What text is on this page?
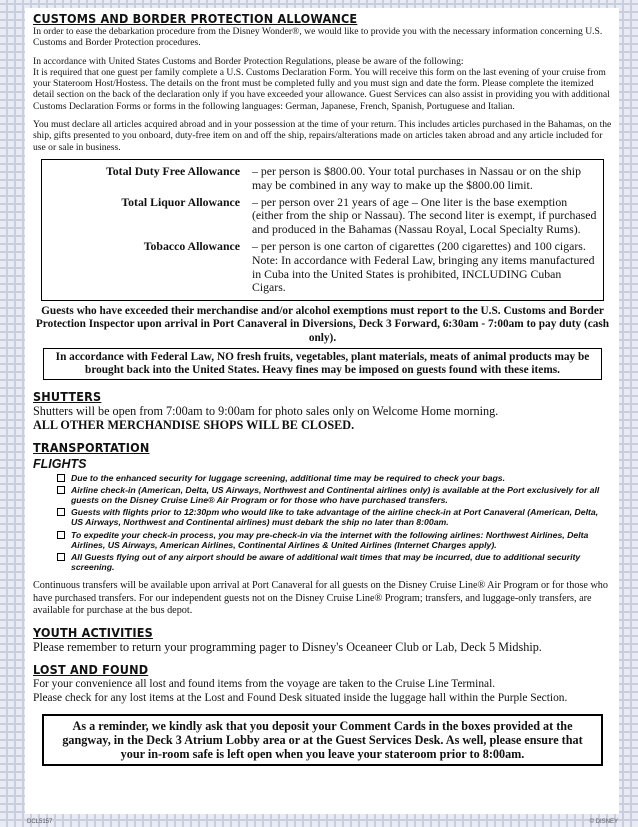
CUSTOMS AND BORDER PROTECTION ALLOWANCE

In order to ease the debarkation procedure from the Disney Wonder®, we would like to provide you with the necessary information concerning U.S. Customs and Border Protection procedures.

In accordance with United States Customs and Border Protection Regulations, please be aware of the following:

It is required that one guest per family complete a U.S. Customs Declaration Form. You will receive this form on the last evening of your cruise from your Stateroom Host/Hostess. The details on the front must be completed fully and you must sign and date the form. Please complete the itemized detail section on the back of the declaration only if you have exceeded your allowance. Guest Services can also assist in providing you with additional Customs Declaration Forms or forms in the following languages: German, Japanese, French, Spanish, Portuguese and Italian.

You must declare all articles acquired abroad and in your possession at the time of your return. This includes articles purchased in the Bahamas, on the ship, gifts presented to you onboard, duty-free item on and off the ship, repairs/alterations made on articles taken abroad and any article included for use or sale in business.

Total Duty Free Allowance	– per person is $800.00. Your total purchases in Nassau or on the ship may be combined in any way to make up the $800.00 limit.
Total Liquor Allowance	– per person over 21 years of age – One liter is the base exemption (either from the ship or Nassau). The second liter is exempt, if purchased and produced in the Bahamas (Nassau Royal, Local Specialty Rums).
Tobacco Allowance	– per person is one carton of cigarettes (200 cigarettes) and 100 cigars. Note: In accordance with Federal Law, bringing any items manufactured in Cuba into the United States is prohibited, INCLUDING Cuban Cigars.

Guests who have exceeded their merchandise and/or alcohol exemptions must report to the U.S. Customs and Border Protection Inspector upon arrival in Port Canaveral in Diversions, Deck 3 Forward, 6:30am - 7:00am to pay duty (cash only).

In accordance with Federal Law, NO fresh fruits, vegetables, plant materials, meats of animal products may be brought back into the United States. Heavy fines may be imposed on guests found with these items.
SHUTTERS

Shutters will be open from 7:00am to 9:00am for photo sales only on Welcome Home morning.

ALL OTHER MERCHANDISE SHOPS WILL BE CLOSED.

TRANSPORTATION
FLIGHTS
Due to the enhanced security for luggage screening, additional time may be required to check your bags.
Airline check-in (American, Delta, US Airways, Northwest and Continental airlines only) is available at the Port exclusively for all guests on the Disney Cruise Line® Air Program or for those who have purchased transfers.
Guests with flights prior to 12:30pm who would like to take advantage of the airline check-in at Port Canaveral (American, Delta, US Airways, Northwest and Continental airlines) must debark the ship no later than 8:00am.
To expedite your check-in process, you may pre-check-in via the internet with the following airlines: Northwest Airlines, Delta Airlines, US Airways, American Airlines, Continental Airlines & United Airlines (Internet Charges apply).
All Guests flying out of any airport should be aware of additional wait times that may be incurred, due to additional security screening.

Continuous transfers will be available upon arrival at Port Canaveral for all guests on the Disney Cruise Line® Air Program or for those who have purchased transfers. For our independent guests not on the Disney Cruise Line® Program; transfers, and luggage-only transfers, are available for purchase at the bus depot.

YOUTH ACTIVITIES

Please remember to return your programming pager to Disney's Oceaneer Club or Lab, Deck 5 Midship.

LOST AND FOUND

For your convenience all lost and found items from the voyage are taken to the Cruise Line Terminal.

Please check for any lost items at the Lost and Found Desk situated inside the luggage hall within the Purple Section.

As a reminder, we kindly ask that you deposit your Comment Cards in the boxes provided at the gangway, in the Deck 3 Atrium Lobby area or at the Guest Services Desk. As well, please ensure that your in-room safe is left open when you leave your stateroom prior to 8:00am.
DCL5157	© DISNEY
